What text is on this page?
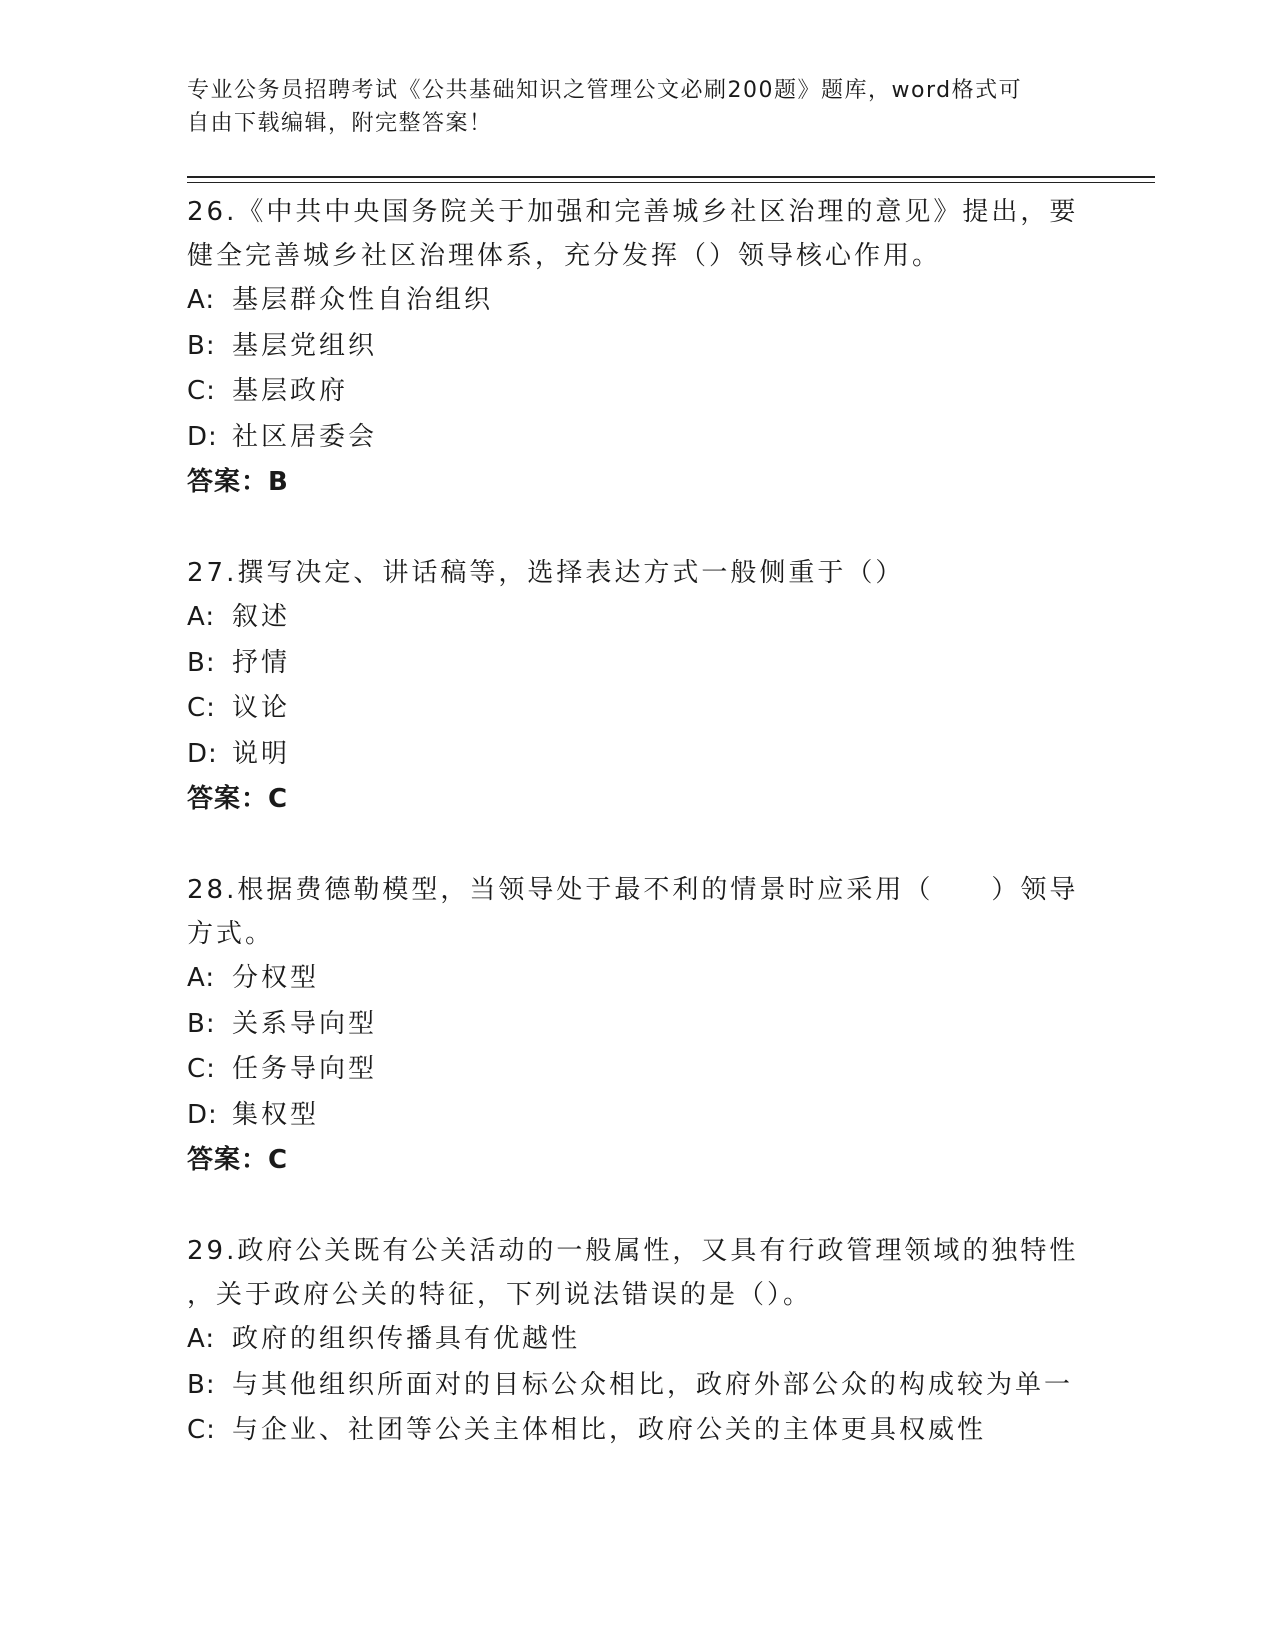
专业公务员招聘考试《公共基础知识之管理公文必刷200题》题库，word格式可
自由下载编辑，附完整答案！
26.《中共中央国务院关于加强和完善城乡社区治理的意见》提出，要
健全完善城乡社区治理体系，充分发挥（）领导核心作用。
A: 基层群众性自治组织
B: 基层党组织
C: 基层政府
D: 社区居委会
答案：B
27.撰写决定、讲话稿等，选择表达方式一般侧重于（）
A: 叙述
B: 抒情
C: 议论
D: 说明
答案：C
28.根据费德勒模型，当领导处于最不利的情景时应采用（　　）领导
方式。
A: 分权型
B: 关系导向型
C: 任务导向型
D: 集权型
答案：C
29.政府公关既有公关活动的一般属性，又具有行政管理领域的独特性
，关于政府公关的特征，下列说法错误的是（）。
A: 政府的组织传播具有优越性
B: 与其他组织所面对的目标公众相比，政府外部公众的构成较为单一
C: 与企业、社团等公关主体相比，政府公关的主体更具权威性
